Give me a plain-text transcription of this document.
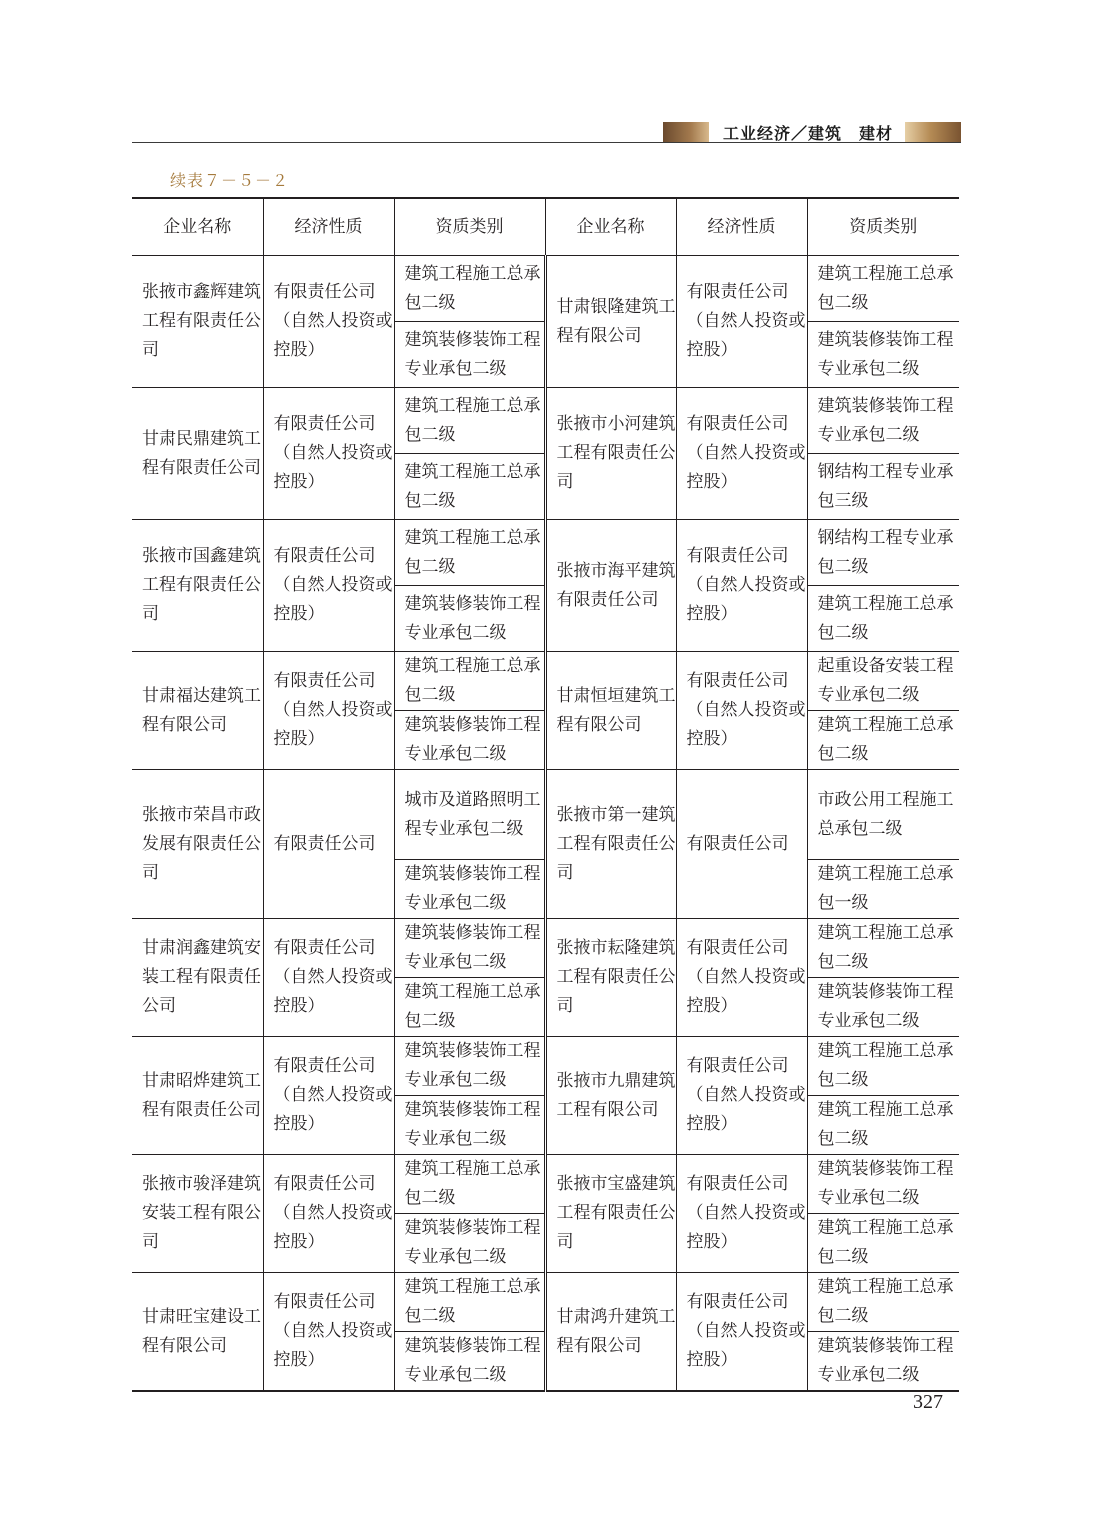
工业经济／建筑　建材
续表７－５－２
企业名称	经济性质	资质类别	企业名称	经济性质	资质类别
张掖市鑫辉建筑工程有限责任公司	有限责任公司（自然人投资或控股）	建筑工程施工总承包二级	甘肃银隆建筑工程有限公司	有限责任公司（自然人投资或控股）	建筑工程施工总承包二级
		建筑装修装饰工程专业承包二级			建筑装修装饰工程专业承包二级
甘肃民鼎建筑工程有限责任公司	有限责任公司（自然人投资或控股）	建筑工程施工总承包二级	张掖市小河建筑工程有限责任公司	有限责任公司（自然人投资或控股）	建筑装修装饰工程专业承包二级
		建筑工程施工总承包二级			钢结构工程专业承包三级
张掖市国鑫建筑工程有限责任公司	有限责任公司（自然人投资或控股）	建筑工程施工总承包二级	张掖市海平建筑有限责任公司	有限责任公司（自然人投资或控股）	钢结构工程专业承包二级
		建筑装修装饰工程专业承包二级			建筑工程施工总承包二级
甘肃福达建筑工程有限公司	有限责任公司（自然人投资或控股）	建筑工程施工总承包二级	甘肃恒垣建筑工程有限公司	有限责任公司（自然人投资或控股）	起重设备安装工程专业承包二级
		建筑装修装饰工程专业承包二级			建筑工程施工总承包二级
张掖市荣昌市政发展有限责任公司	有限责任公司	城市及道路照明工程专业承包二级	张掖市第一建筑工程有限责任公司	有限责任公司	市政公用工程施工总承包二级
		建筑装修装饰工程专业承包二级			建筑工程施工总承包一级
甘肃润鑫建筑安装工程有限责任公司	有限责任公司（自然人投资或控股）	建筑装修装饰工程专业承包二级	张掖市耘隆建筑工程有限责任公司	有限责任公司（自然人投资或控股）	建筑工程施工总承包二级
		建筑工程施工总承包二级			建筑装修装饰工程专业承包二级
甘肃昭烨建筑工程有限责任公司	有限责任公司（自然人投资或控股）	建筑装修装饰工程专业承包二级	张掖市九鼎建筑工程有限公司	有限责任公司（自然人投资或控股）	建筑工程施工总承包二级
		建筑装修装饰工程专业承包二级			建筑工程施工总承包二级
张掖市骏泽建筑安装工程有限公司	有限责任公司（自然人投资或控股）	建筑工程施工总承包二级	张掖市宝盛建筑工程有限责任公司	有限责任公司（自然人投资或控股）	建筑装修装饰工程专业承包二级
		建筑装修装饰工程专业承包二级			建筑工程施工总承包二级
甘肃旺宝建设工程有限公司	有限责任公司（自然人投资或控股）	建筑工程施工总承包二级	甘肃鸿升建筑工程有限公司	有限责任公司（自然人投资或控股）	建筑工程施工总承包二级
		建筑装修装饰工程专业承包二级			建筑装修装饰工程专业承包二级
327
